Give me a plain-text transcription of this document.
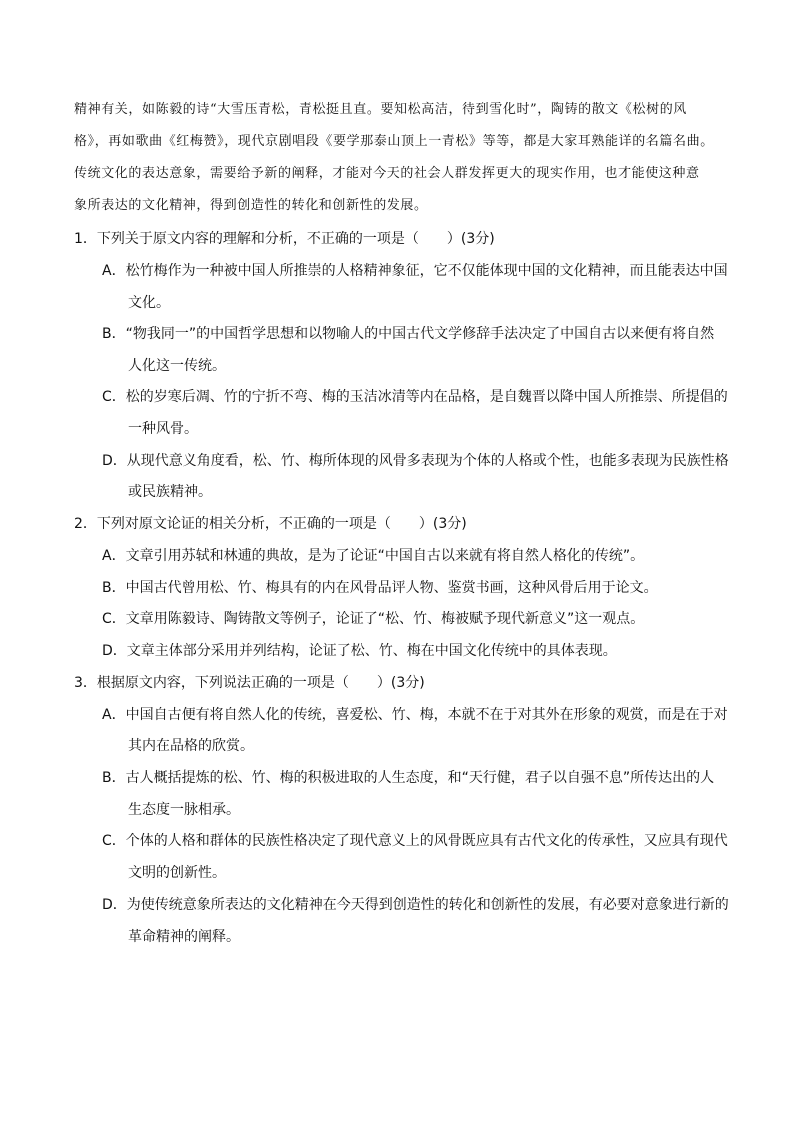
精神有关，如陈毅的诗“大雪压青松，青松挺且直。要知松高洁，待到雪化时”，陶铸的散文《松树的风
格》，再如歌曲《红梅赞》，现代京剧唱段《要学那泰山顶上一青松》等等，都是大家耳熟能详的名篇名曲。
传统文化的表达意象，需要给予新的阐释，才能对今天的社会人群发挥更大的现实作用，也才能使这种意
象所表达的文化精神，得到创造性的转化和创新性的发展。
1．下列关于原文内容的理解和分析，不正确的一项是（　　）(3分)
A．松竹梅作为一种被中国人所推崇的人格精神象征，它不仅能体现中国的文化精神，而且能表达中国
文化。
B．“物我同一”的中国哲学思想和以物喻人的中国古代文学修辞手法决定了中国自古以来便有将自然
人化这一传统。
C．松的岁寒后凋、竹的宁折不弯、梅的玉洁冰清等内在品格，是自魏晋以降中国人所推崇、所提倡的
一种风骨。
D．从现代意义角度看，松、竹、梅所体现的风骨多表现为个体的人格或个性，也能多表现为民族性格
或民族精神。
2．下列对原文论证的相关分析，不正确的一项是（　　）(3分)
A．文章引用苏轼和林逋的典故，是为了论证“中国自古以来就有将自然人格化的传统”。
B．中国古代曾用松、竹、梅具有的内在风骨品评人物、鉴赏书画，这种风骨后用于论文。
C．文章用陈毅诗、陶铸散文等例子，论证了“松、竹、梅被赋予现代新意义”这一观点。
D．文章主体部分采用并列结构，论证了松、竹、梅在中国文化传统中的具体表现。
3．根据原文内容，下列说法正确的一项是（　　）(3分)
A．中国自古便有将自然人化的传统，喜爱松、竹、梅，本就不在于对其外在形象的观赏，而是在于对
其内在品格的欣赏。
B．古人概括提炼的松、竹、梅的积极进取的人生态度，和“天行健，君子以自强不息”所传达出的人
生态度一脉相承。
C．个体的人格和群体的民族性格决定了现代意义上的风骨既应具有古代文化的传承性，又应具有现代
文明的创新性。
D．为使传统意象所表达的文化精神在今天得到创造性的转化和创新性的发展，有必要对意象进行新的
革命精神的阐释。
